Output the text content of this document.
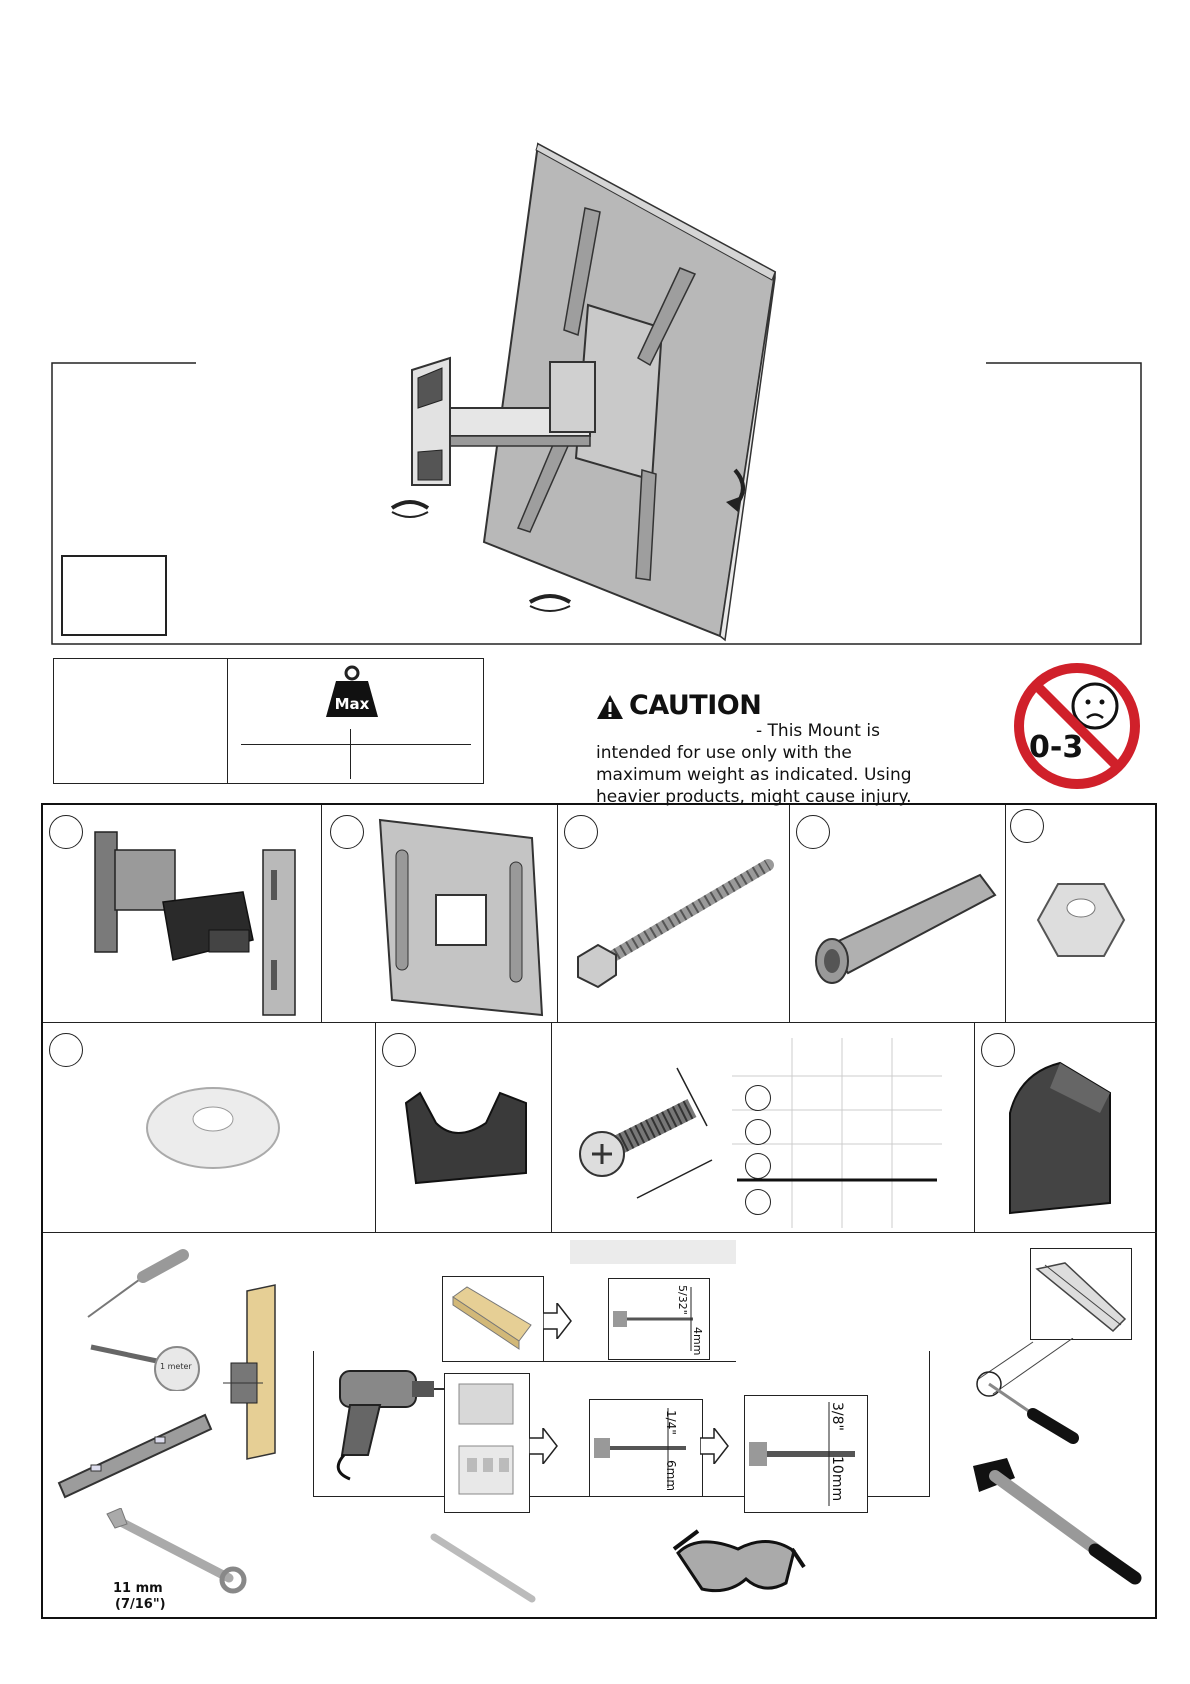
Max	CAUTION
- This Mount is intended for use only with the maximum weight as indicated. Using heavier products, might cause injury.
0-3
1 meter
11 mm
(7/16")
5/32"
4mm
1/4"
6mm
3/8"
10mm
